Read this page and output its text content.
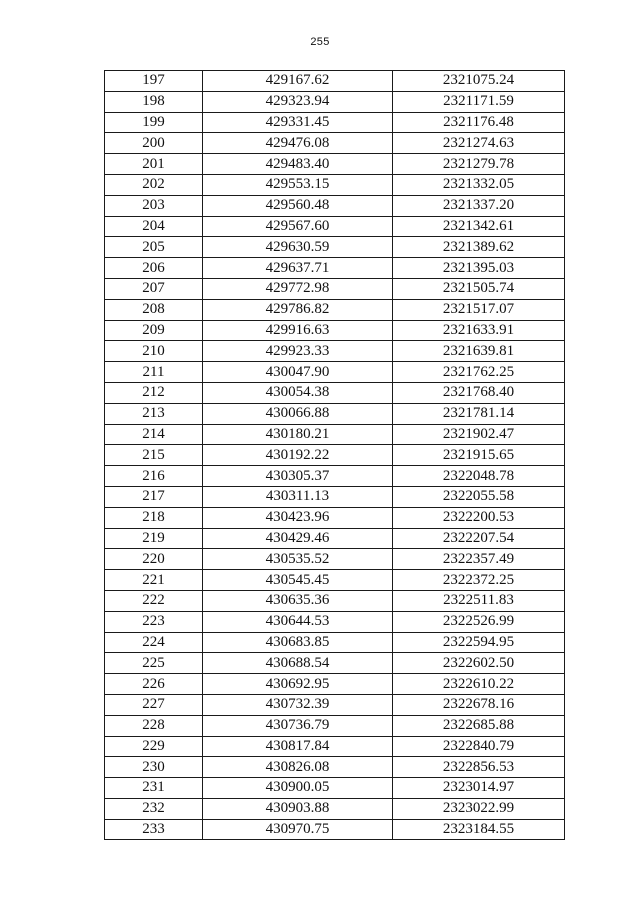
255
197	429167.62	2321075.24
198	429323.94	2321171.59
199	429331.45	2321176.48
200	429476.08	2321274.63
201	429483.40	2321279.78
202	429553.15	2321332.05
203	429560.48	2321337.20
204	429567.60	2321342.61
205	429630.59	2321389.62
206	429637.71	2321395.03
207	429772.98	2321505.74
208	429786.82	2321517.07
209	429916.63	2321633.91
210	429923.33	2321639.81
211	430047.90	2321762.25
212	430054.38	2321768.40
213	430066.88	2321781.14
214	430180.21	2321902.47
215	430192.22	2321915.65
216	430305.37	2322048.78
217	430311.13	2322055.58
218	430423.96	2322200.53
219	430429.46	2322207.54
220	430535.52	2322357.49
221	430545.45	2322372.25
222	430635.36	2322511.83
223	430644.53	2322526.99
224	430683.85	2322594.95
225	430688.54	2322602.50
226	430692.95	2322610.22
227	430732.39	2322678.16
228	430736.79	2322685.88
229	430817.84	2322840.79
230	430826.08	2322856.53
231	430900.05	2323014.97
232	430903.88	2323022.99
233	430970.75	2323184.55
